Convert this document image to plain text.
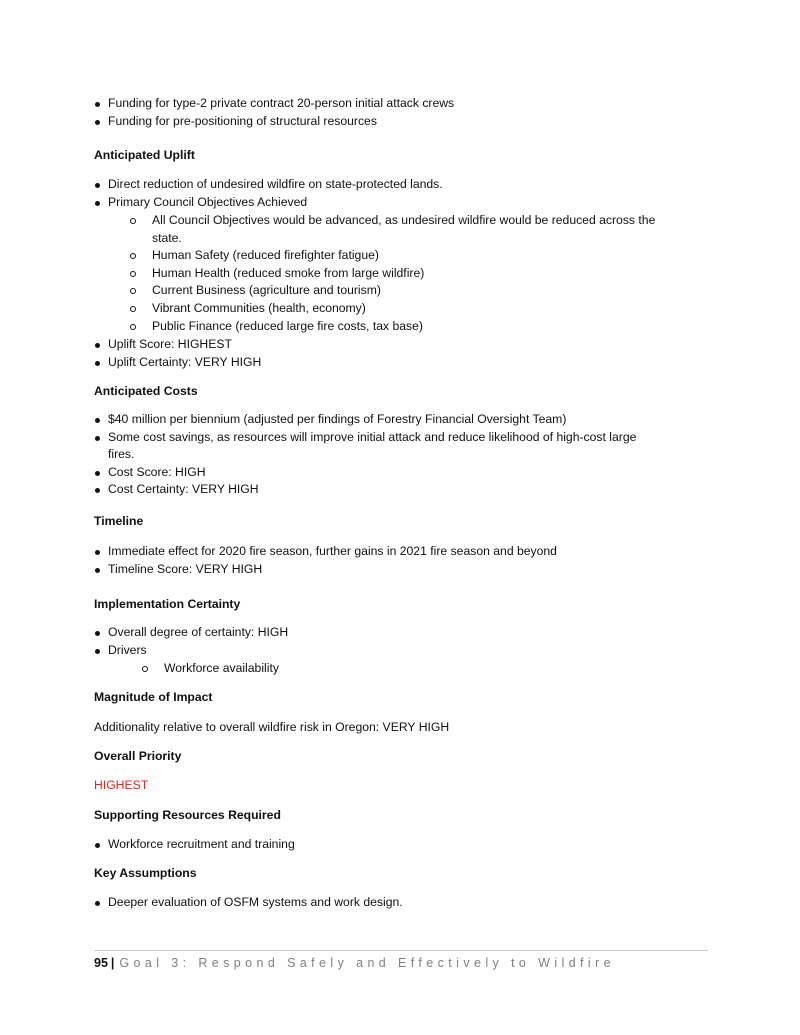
Funding for type-2 private contract 20-person initial attack crews
Funding for pre-positioning of structural resources
Anticipated Uplift
Direct reduction of undesired wildfire on state-protected lands.
Primary Council Objectives Achieved
All Council Objectives would be advanced, as undesired wildfire would be reduced across the
state.
Human Safety (reduced firefighter fatigue)
Human Health (reduced smoke from large wildfire)
Current Business (agriculture and tourism)
Vibrant Communities (health, economy)
Public Finance (reduced large fire costs, tax base)
Uplift Score: HIGHEST
Uplift Certainty: VERY HIGH
Anticipated Costs
$40 million per biennium (adjusted per findings of Forestry Financial Oversight Team)
Some cost savings, as resources will improve initial attack and reduce likelihood of high-cost large
fires.
Cost Score: HIGH
Cost Certainty: VERY HIGH
Timeline
Immediate effect for 2020 fire season, further gains in 2021 fire season and beyond
Timeline Score: VERY HIGH
Implementation Certainty
Overall degree of certainty: HIGH
Drivers
Workforce availability
Magnitude of Impact
Additionality relative to overall wildfire risk in Oregon: VERY HIGH
Overall Priority
HIGHEST
Supporting Resources Required
Workforce recruitment and training
Key Assumptions
Deeper evaluation of OSFM systems and work design.
95 | Goal 3: Respond Safely and Effectively to Wildfire
